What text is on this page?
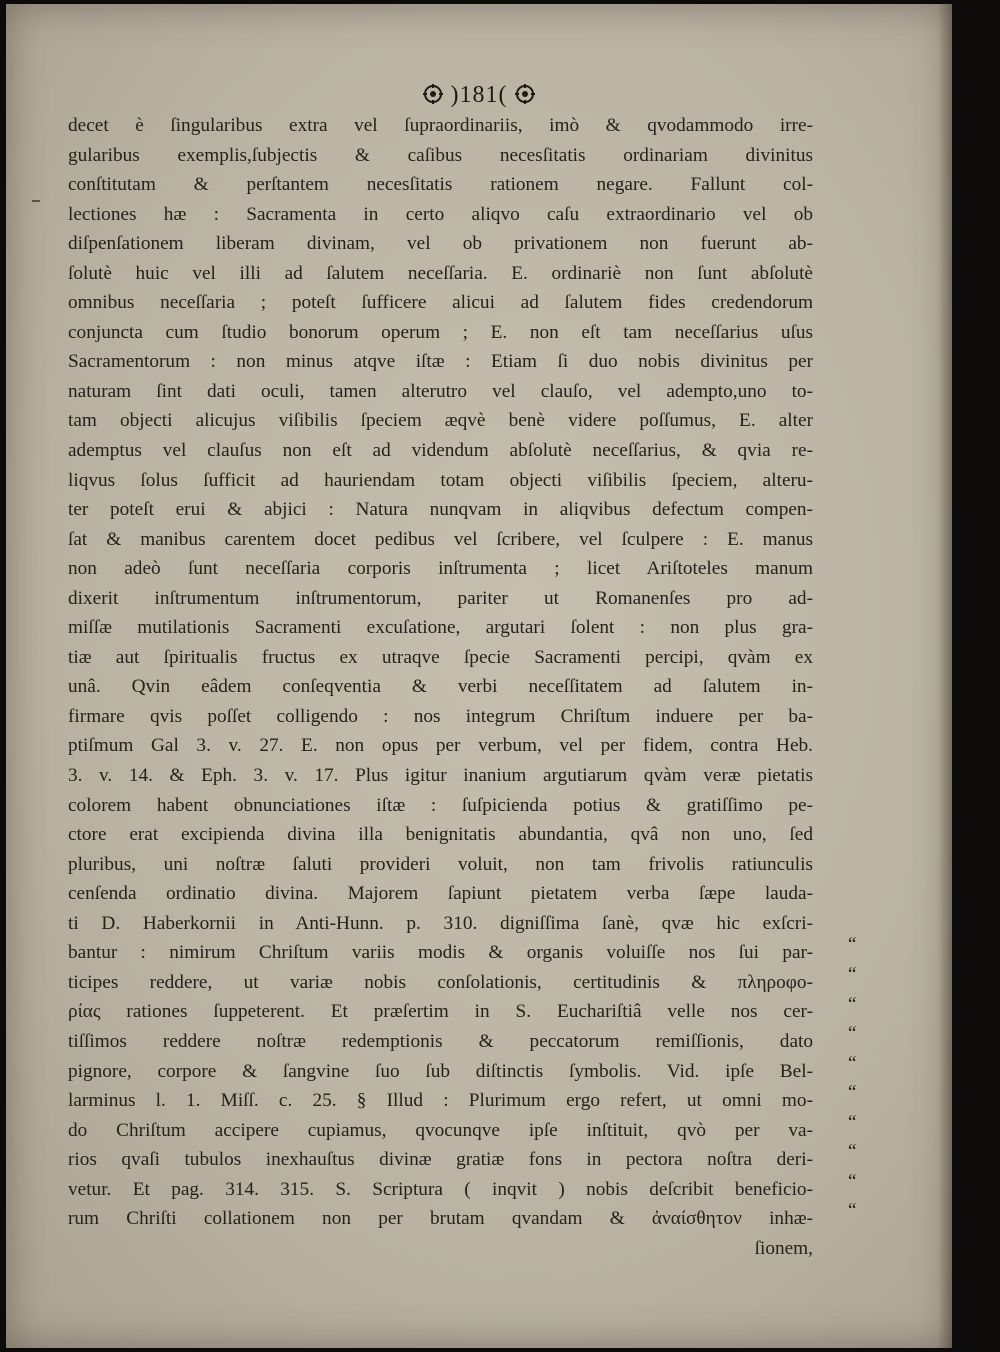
)181(
decet è ſingularibus extra vel ſupraordinariis, imò & qvodammodo irre-
gularibus exemplis,ſubjectis & caſibus necesſitatis ordinariam divinitus
conſtitutam & perſtantem necesſitatis rationem negare. Fallunt col-
lectiones hæ : Sacramenta in certo aliqvo caſu extraordinario vel ob
diſpenſationem liberam divinam, vel ob privationem non fuerunt ab-
ſolutè huic vel illi ad ſalutem neceſſaria. E. ordinariè non ſunt abſolutè
omnibus neceſſaria ; poteſt ſufficere alicui ad ſalutem fides credendorum
conjuncta cum ſtudio bonorum operum ; E. non eſt tam neceſſarius uſus
Sacramentorum : non minus atqve iſtæ : Etiam ſi duo nobis divinitus per
naturam ſint dati oculi, tamen alterutro vel clauſo, vel adempto,uno to-
tam objecti alicujus viſibilis ſpeciem æqvè benè videre poſſumus, E. alter
ademptus vel clauſus non eſt ad videndum abſolutè neceſſarius, & qvia re-
liqvus ſolus ſufficit ad hauriendam totam objecti viſibilis ſpeciem, alteru-
ter poteſt erui & abjici : Natura nunqvam in aliqvibus defectum compen-
ſat & manibus carentem docet pedibus vel ſcribere, vel ſculpere : E. manus
non adeò ſunt neceſſaria corporis inſtrumenta ; licet Ariſtoteles manum
dixerit inſtrumentum inſtrumentorum, pariter ut Romanenſes pro ad-
miſſæ mutilationis Sacramenti excuſatione, argutari ſolent : non plus gra-
tiæ aut ſpiritualis fructus ex utraqve ſpecie Sacramenti percipi, qvàm ex
unâ. Qvin eâdem conſeqventia & verbi neceſſitatem ad ſalutem in-
firmare qvis poſſet colligendo : nos integrum Chriſtum induere per ba-
ptiſmum Gal 3. v. 27. E. non opus per verbum, vel per fidem, contra Heb.
3. v. 14. & Eph. 3. v. 17. Plus igitur inanium argutiarum qvàm veræ pietatis
colorem habent obnunciationes iſtæ : ſuſpicienda potius & gratiſſimo pe-
ctore erat excipienda divina illa benignitatis abundantia, qvâ non uno, ſed
pluribus, uni noſtræ ſaluti provideri voluit, non tam frivolis ratiunculis
cenſenda ordinatio divina. Majorem ſapiunt pietatem verba ſæpe lauda-
ti D. Haberkornii in Anti-Hunn. p. 310. digniſſima ſanè, qvæ hic exſcri-
bantur : nimirum Chriſtum variis modis & organis voluiſſe nos ſui par-
ticipes reddere, ut variæ nobis conſolationis, certitudinis & πληροφο-
ρίας rationes ſuppeterent. Et præſertim in S. Euchariſtiâ velle nos cer-
tiſſimos reddere noſtræ redemptionis & peccatorum remiſſionis, dato
pignore, corpore & ſangvine ſuo ſub diſtinctis ſymbolis. Vid. ipſe Bel-
larminus l. 1. Miſſ. c. 25. § Illud : Plurimum ergo refert, ut omni mo-
do Chriſtum accipere cupiamus, qvocunqve ipſe inſtituit, qvò per va-
rios qvaſi tubulos inexhauſtus divinæ gratiæ fons in pectora noſtra deri-
vetur. Et pag. 314. 315. S. Scriptura ( inqvit ) nobis deſcribit beneficio-
rum Chriſti collationem non per brutam qvandam & ἀναίσθητον inhæ-
ſionem,
“
“
“
“
“
“
“
“
“
“
